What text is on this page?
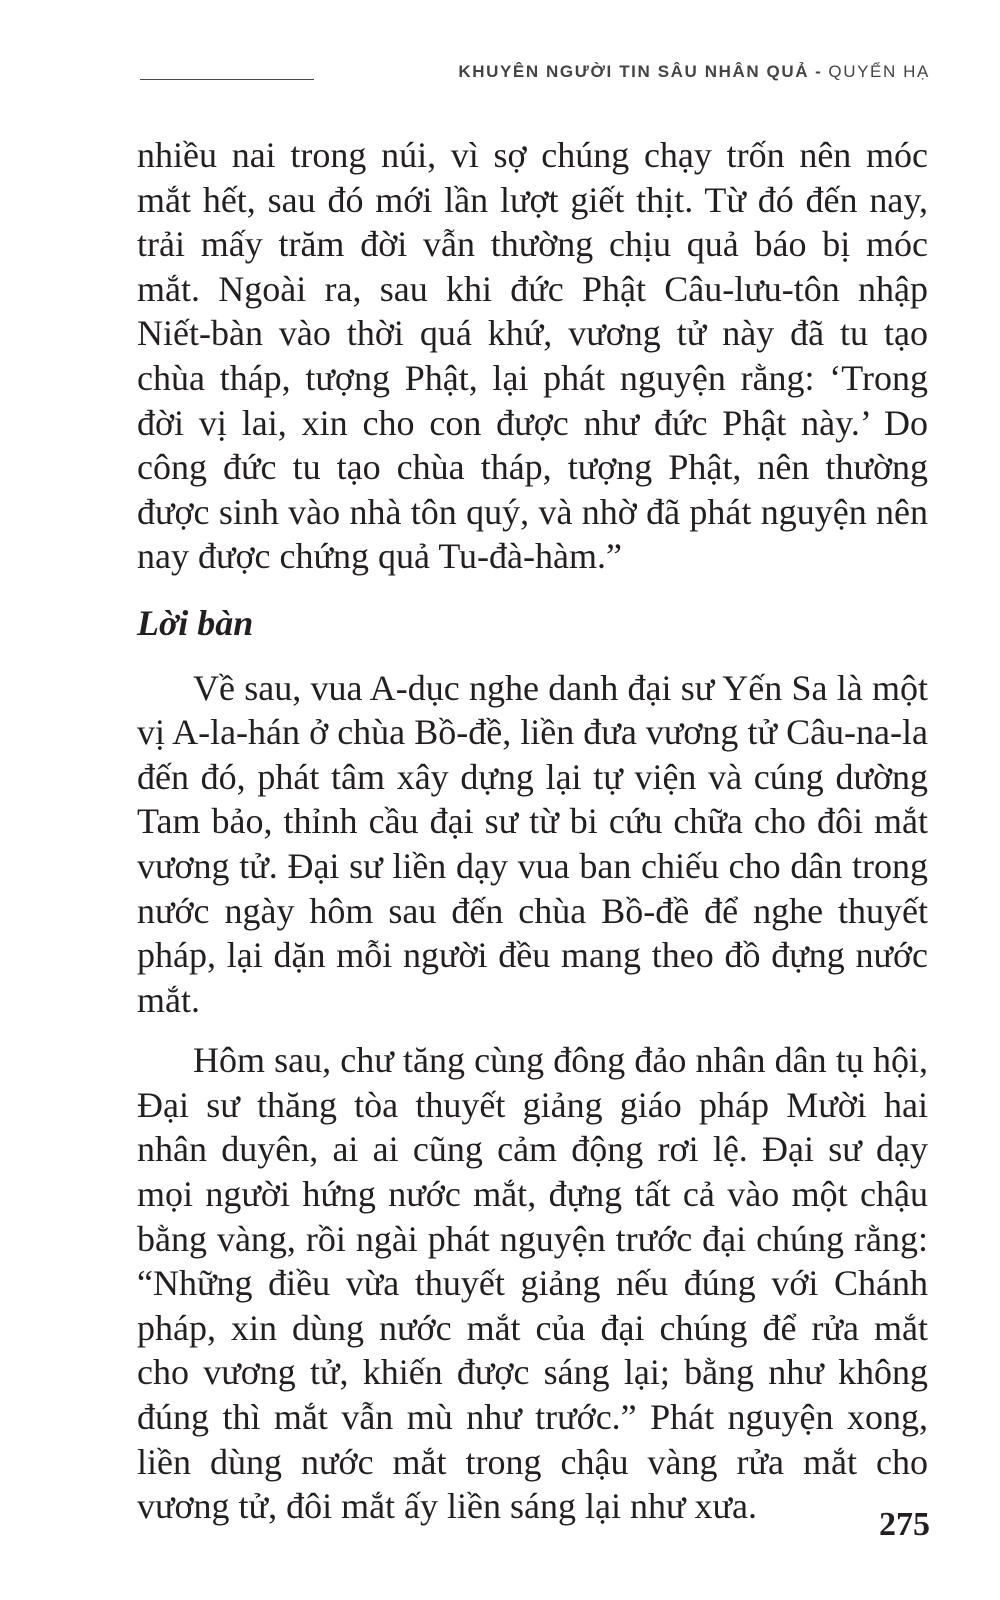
KHUYÊN NGƯỜI TIN SÂU NHÂN QUẢ - QUYỂN HẠ

nhiều nai trong núi, vì sợ chúng chạy trốn nên móc mắt hết, sau đó mới lần lượt giết thịt. Từ đó đến nay, trải mấy trăm đời vẫn thường chịu quả báo bị móc mắt. Ngoài ra, sau khi đức Phật Câu-lưu-tôn nhập Niết-bàn vào thời quá khứ, vương tử này đã tu tạo chùa tháp, tượng Phật, lại phát nguyện rằng: ‘Trong đời vị lai, xin cho con được như đức Phật này.’ Do công đức tu tạo chùa tháp, tượng Phật, nên thường được sinh vào nhà tôn quý, và nhờ đã phát nguyện nên nay được chứng quả Tu-đà-hàm.”

Lời bàn

Về sau, vua A-dục nghe danh đại sư Yến Sa là một vị A-la-hán ở chùa Bồ-đề, liền đưa vương tử Câu-na-la đến đó, phát tâm xây dựng lại tự viện và cúng dường Tam bảo, thỉnh cầu đại sư từ bi cứu chữa cho đôi mắt vương tử. Đại sư liền dạy vua ban chiếu cho dân trong nước ngày hôm sau đến chùa Bồ-đề để nghe thuyết pháp, lại dặn mỗi người đều mang theo đồ đựng nước mắt.

Hôm sau, chư tăng cùng đông đảo nhân dân tụ hội, Đại sư thăng tòa thuyết giảng giáo pháp Mười hai nhân duyên, ai ai cũng cảm động rơi lệ. Đại sư dạy mọi người hứng nước mắt, đựng tất cả vào một chậu bằng vàng, rồi ngài phát nguyện trước đại chúng rằng: “Những điều vừa thuyết giảng nếu đúng với Chánh pháp, xin dùng nước mắt của đại chúng để rửa mắt cho vương tử, khiến được sáng lại; bằng như không đúng thì mắt vẫn mù như trước.” Phát nguyện xong, liền dùng nước mắt trong chậu vàng rửa mắt cho vương tử, đôi mắt ấy liền sáng lại như xưa.	275
